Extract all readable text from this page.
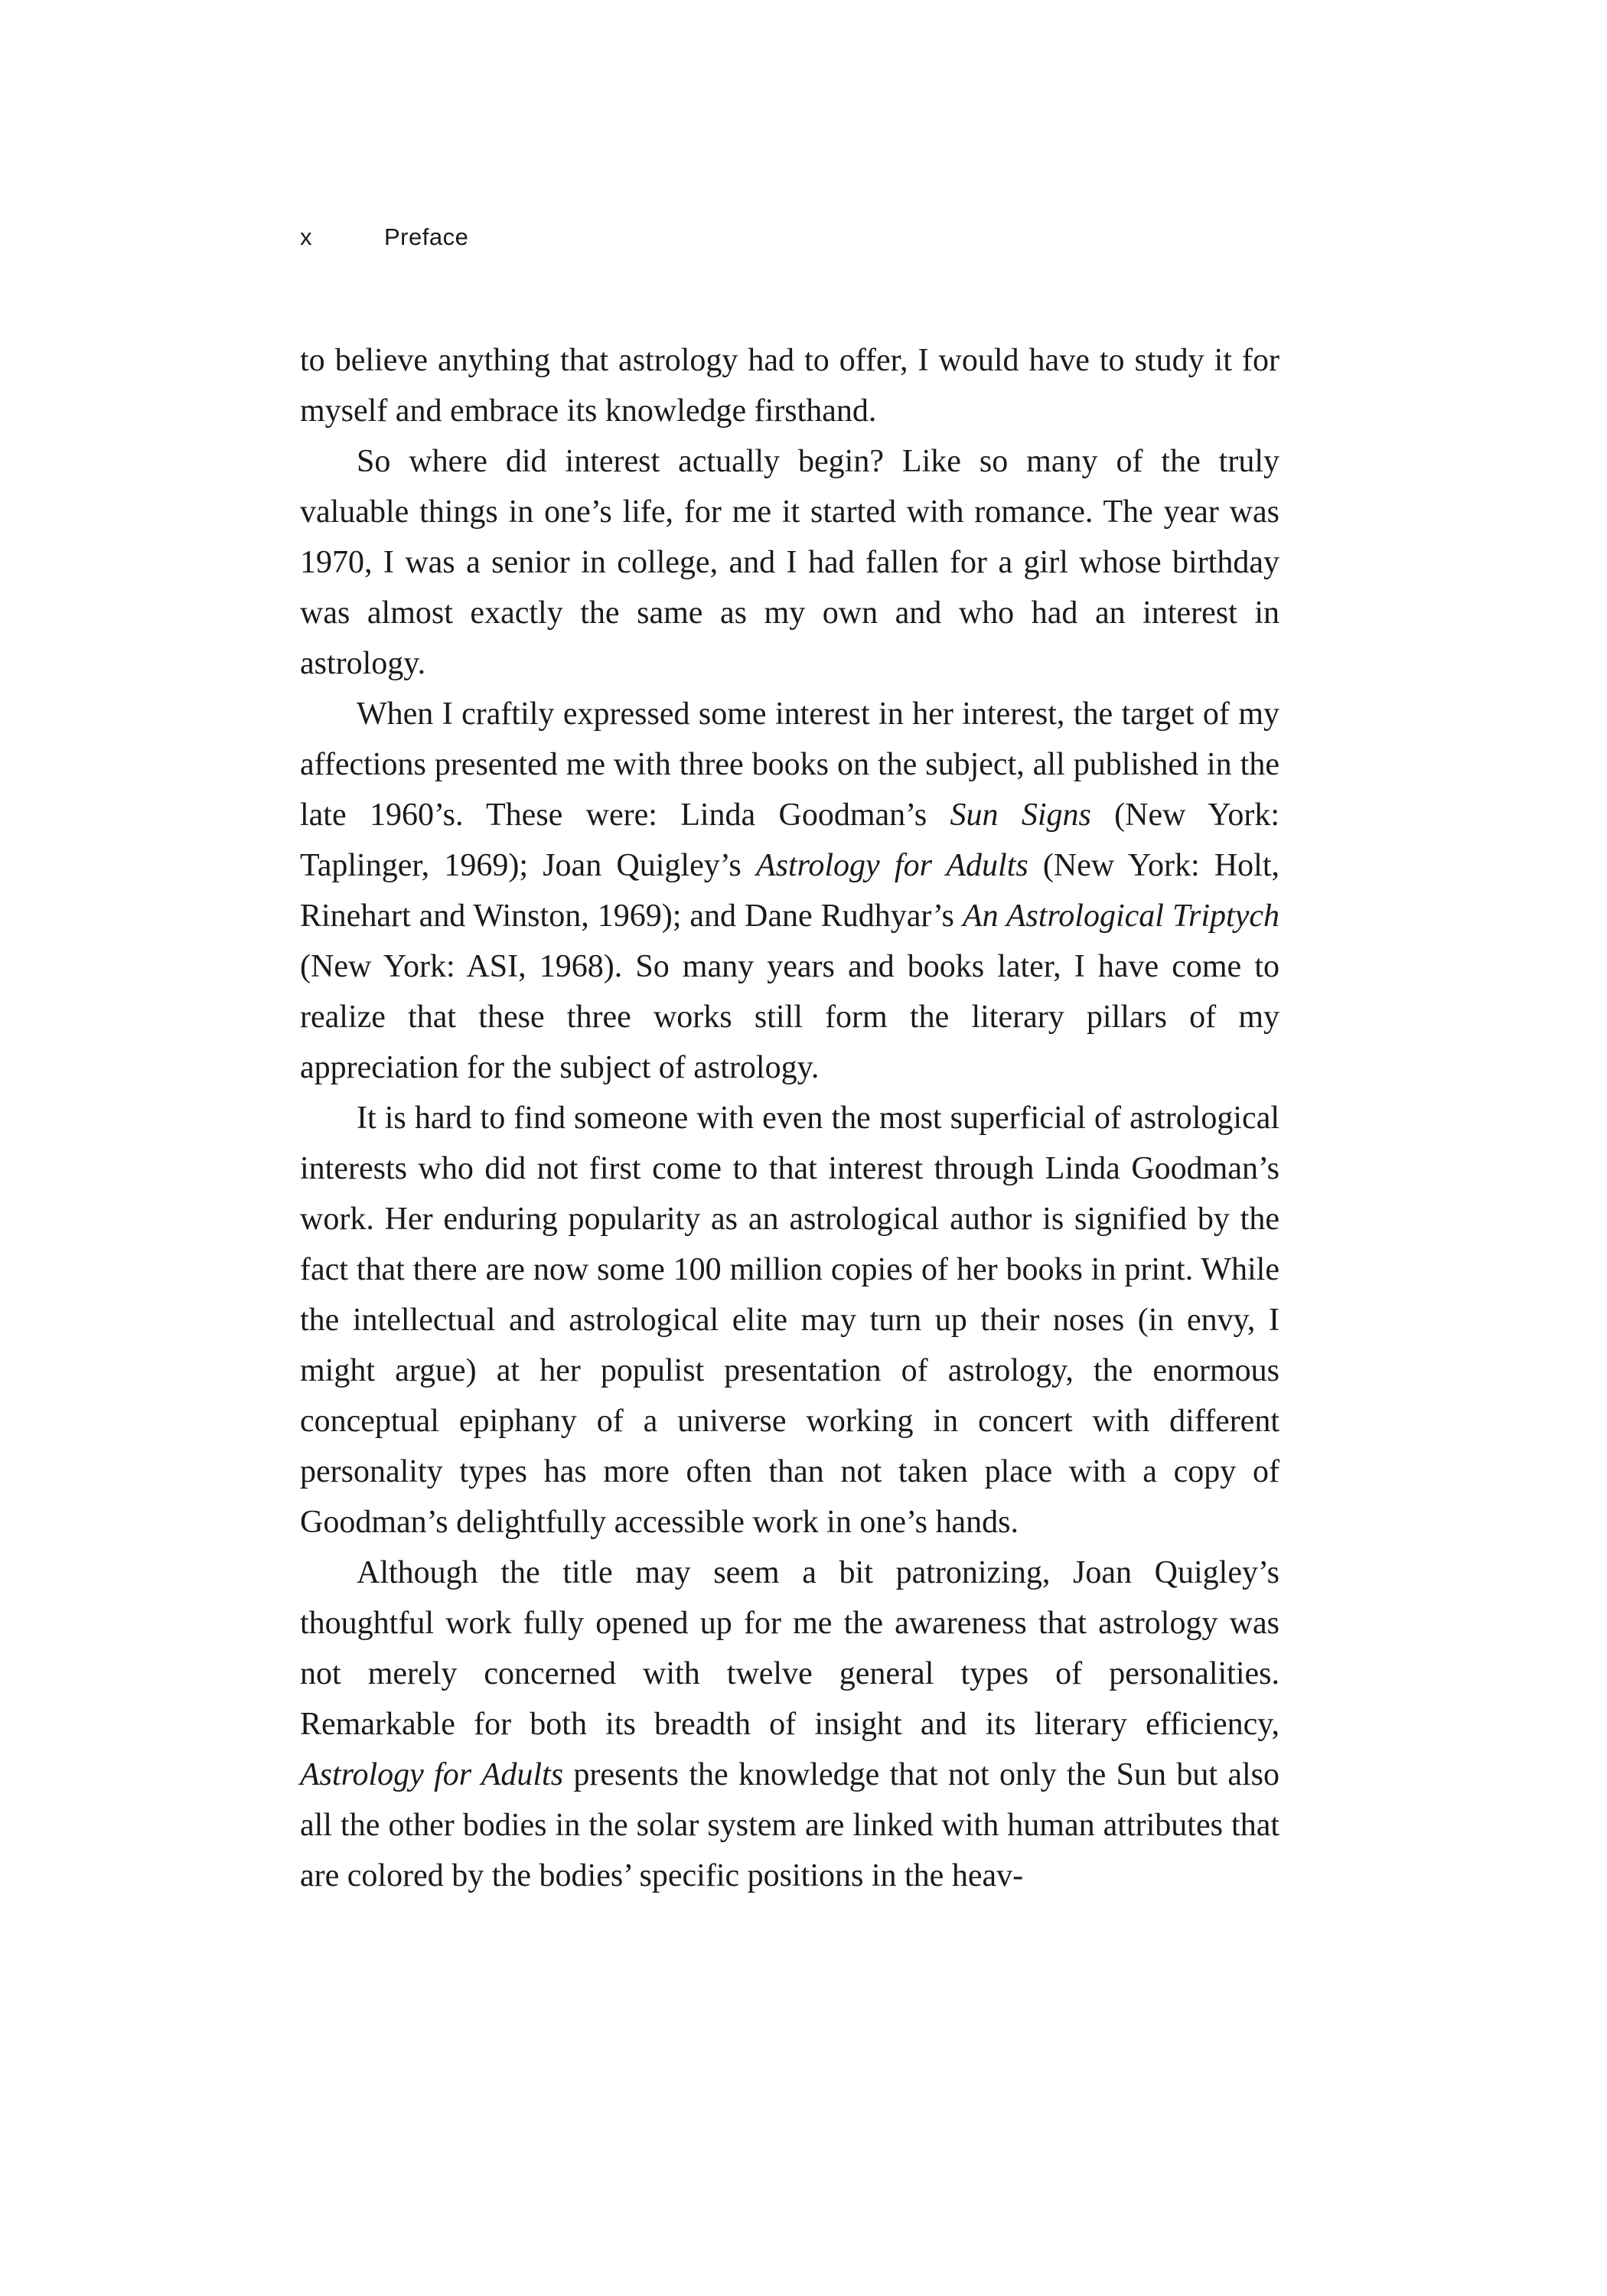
x	Preface

to believe anything that astrology had to offer, I would have to study it for myself and embrace its knowledge firsthand.

So where did interest actually begin? Like so many of the truly valuable things in one’s life, for me it started with romance. The year was 1970, I was a senior in college, and I had fallen for a girl whose birthday was almost exactly the same as my own and who had an interest in astrology.

When I craftily expressed some interest in her interest, the target of my affections presented me with three books on the subject, all published in the late 1960’s. These were: Linda Goodman’s Sun Signs (New York: Taplinger, 1969); Joan Quigley’s Astrology for Adults (New York: Holt, Rinehart and Winston, 1969); and Dane Rudhyar’s An Astrological Triptych (New York: ASI, 1968). So many years and books later, I have come to realize that these three works still form the literary pillars of my appreciation for the subject of astrology.

It is hard to find someone with even the most superficial of astrological interests who did not first come to that interest through Linda Goodman’s work. Her enduring popularity as an astrological author is signified by the fact that there are now some 100 million copies of her books in print. While the intellectual and astrological elite may turn up their noses (in envy, I might argue) at her populist presentation of astrology, the enormous conceptual epiphany of a universe working in concert with different personality types has more often than not taken place with a copy of Goodman’s delightfully accessible work in one’s hands.

Although the title may seem a bit patronizing, Joan Quigley’s thoughtful work fully opened up for me the awareness that astrology was not merely concerned with twelve general types of personalities. Remarkable for both its breadth of insight and its literary efficiency, Astrology for Adults presents the knowledge that not only the Sun but also all the other bodies in the solar system are linked with human attributes that are colored by the bodies’ specific positions in the heav-
